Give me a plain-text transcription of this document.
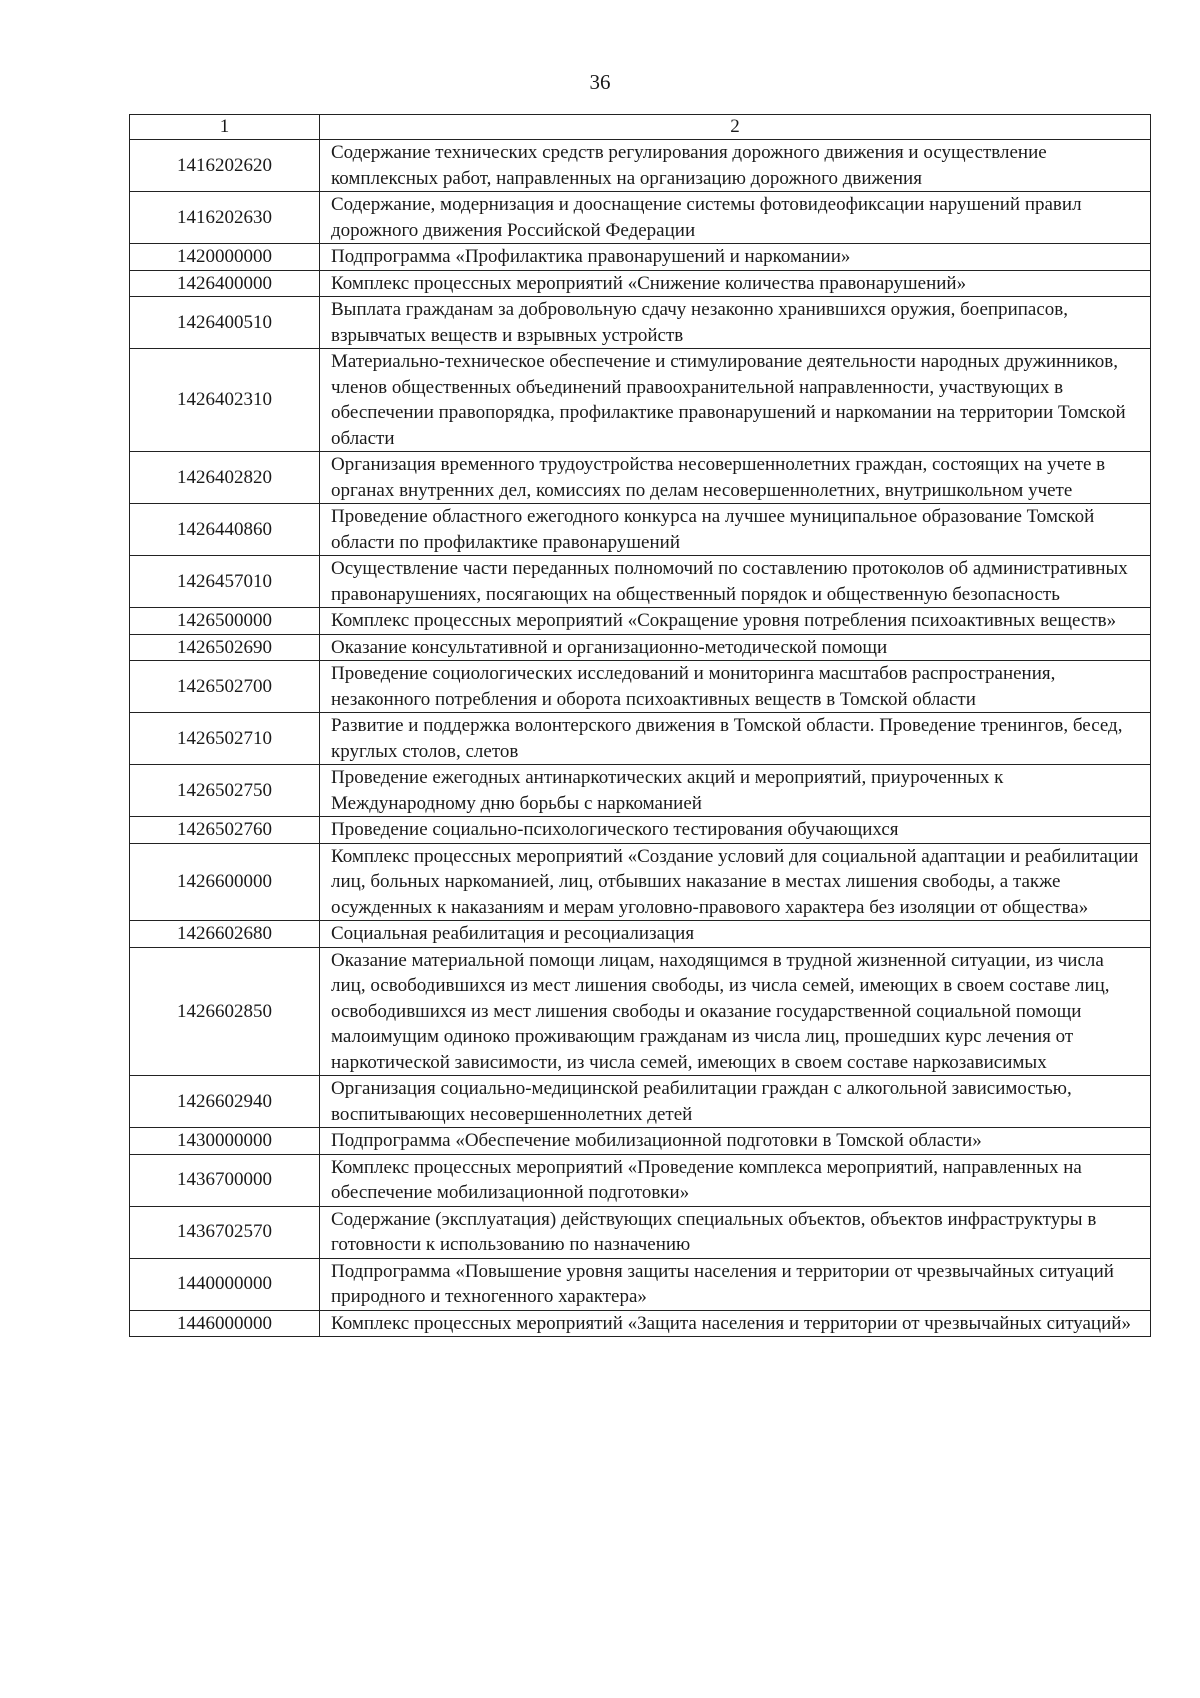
36
1	2
1416202620	Содержание технических средств регулирования дорожного движения и осуществление комплексных работ, направленных на организацию дорожного движения
1416202630	Содержание, модернизация и дооснащение системы фотовидеофиксации нарушений правил дорожного движения Российской Федерации
1420000000	Подпрограмма «Профилактика правонарушений и наркомании»
1426400000	Комплекс процессных мероприятий «Снижение количества правонарушений»
1426400510	Выплата гражданам за добровольную сдачу незаконно хранившихся оружия, боеприпасов, взрывчатых веществ и взрывных устройств
1426402310	Материально-техническое обеспечение и стимулирование деятельности народных дружинников, членов общественных объединений правоохранительной направленности, участвующих в обеспечении правопорядка, профилактике правонарушений и наркомании на территории Томской области
1426402820	Организация временного трудоустройства несовершеннолетних граждан, состоящих на учете в органах внутренних дел, комиссиях по делам несовершеннолетних, внутришкольном учете
1426440860	Проведение областного ежегодного конкурса на лучшее муниципальное образование Томской области по профилактике правонарушений
1426457010	Осуществление части переданных полномочий по составлению протоколов об административных правонарушениях, посягающих на общественный порядок и общественную безопасность
1426500000	Комплекс процессных мероприятий «Сокращение уровня потребления психоактивных веществ»
1426502690	Оказание консультативной и организационно-методической помощи
1426502700	Проведение социологических исследований и мониторинга масштабов распространения, незаконного потребления и оборота психоактивных веществ в Томской области
1426502710	Развитие и поддержка волонтерского движения в Томской области. Проведение тренингов, бесед, круглых столов, слетов
1426502750	Проведение ежегодных антинаркотических акций и мероприятий, приуроченных к Международному дню борьбы с наркоманией
1426502760	Проведение социально-психологического тестирования обучающихся
1426600000	Комплекс процессных мероприятий «Создание условий для социальной адаптации и реабилитации лиц, больных наркоманией, лиц, отбывших наказание в местах лишения свободы, а также осужденных к наказаниям и мерам уголовно-правового характера без изоляции от общества»
1426602680	Социальная реабилитация и ресоциализация
1426602850	Оказание материальной помощи лицам, находящимся в трудной жизненной ситуации, из числа лиц, освободившихся из мест лишения свободы, из числа семей, имеющих в своем составе лиц, освободившихся из мест лишения свободы и оказание государственной социальной помощи малоимущим одиноко проживающим гражданам из числа лиц, прошедших курс лечения от наркотической зависимости, из числа семей, имеющих в своем составе наркозависимых
1426602940	Организация социально-медицинской реабилитации граждан с алкогольной зависимостью, воспитывающих несовершеннолетних детей
1430000000	Подпрограмма «Обеспечение мобилизационной подготовки в Томской области»
1436700000	Комплекс процессных мероприятий «Проведение комплекса мероприятий, направленных на обеспечение мобилизационной подготовки»
1436702570	Содержание (эксплуатация) действующих специальных объектов, объектов инфраструктуры в готовности к использованию по назначению
1440000000	Подпрограмма «Повышение уровня защиты населения и территории от чрезвычайных ситуаций природного и техногенного характера»
1446000000	Комплекс процессных мероприятий «Защита населения и территории от чрезвычайных ситуаций»
